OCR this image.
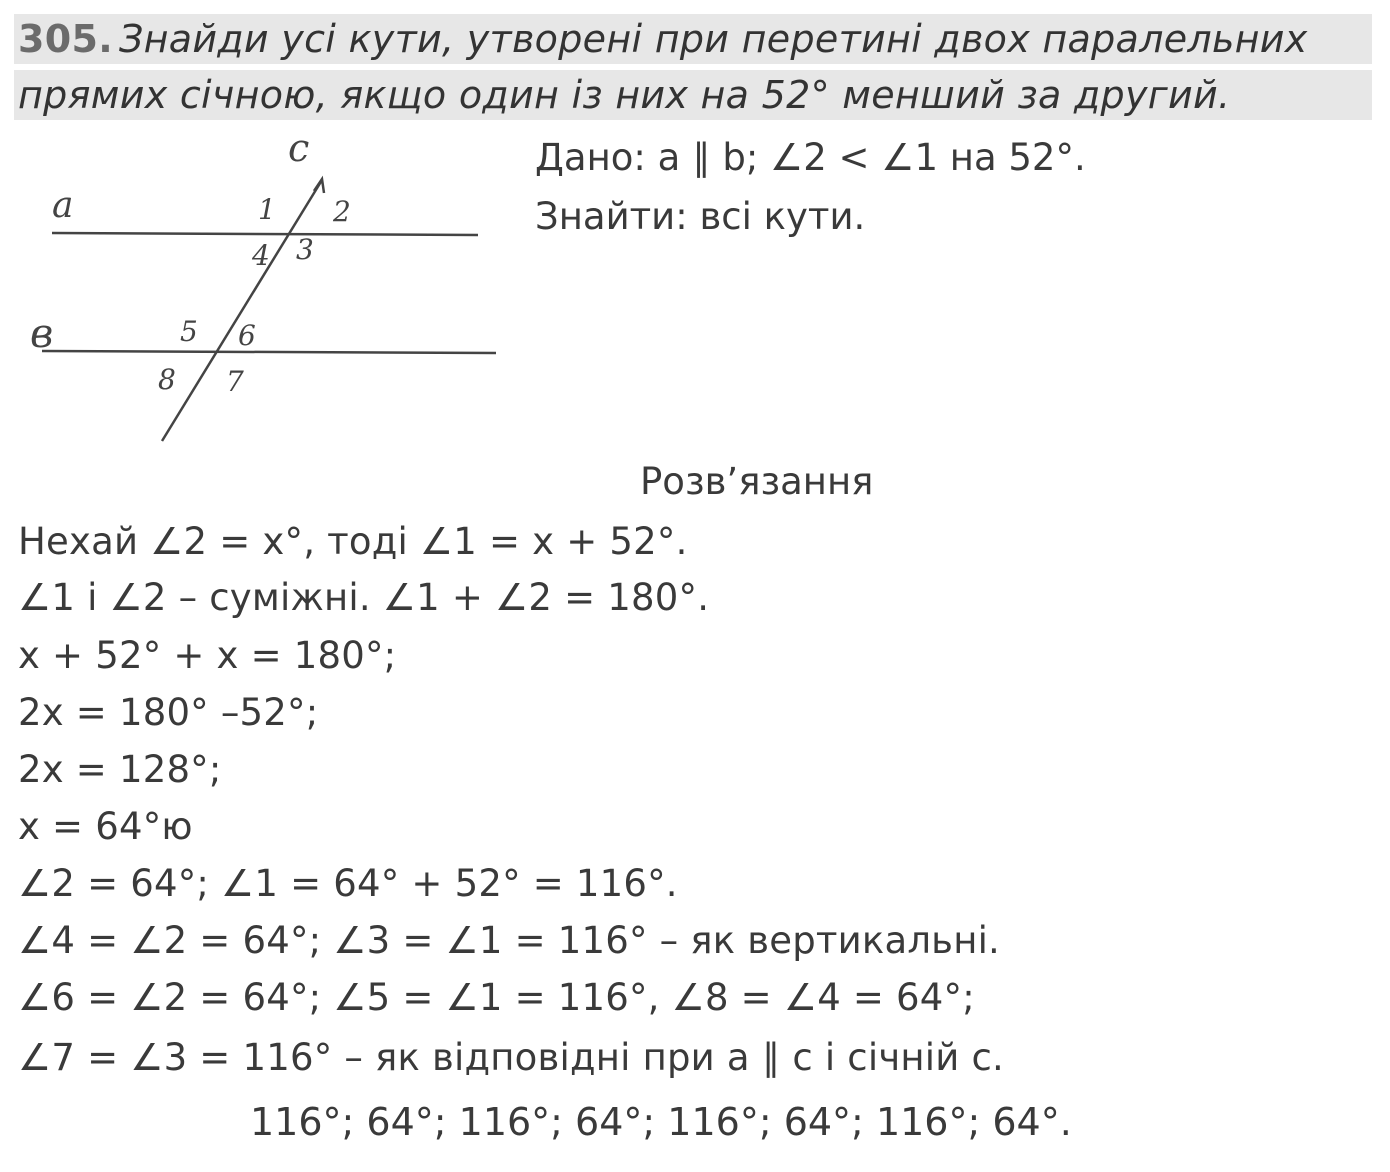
305. Знайди усі кути, утворені при перетині двох паралельних
прямих січною, якщо один із них на 52° менший за другий.
c
a
в
1 2
3
4
5 6
7
8
Дано: a ∥ b; ∠2 < ∠1 на 52°.
Знайти: всі кути.
Розв’язання
Нехай ∠2 = x°, тоді ∠1 = x + 52°.
∠1 і ∠2 – суміжні. ∠1 + ∠2 = 180°.
x + 52° + x = 180°;
2x = 180° –52°;
2x = 128°;
x = 64°ю
∠2 = 64°; ∠1 = 64° + 52° = 116°.
∠4 = ∠2 = 64°; ∠3 = ∠1 = 116° – як вертикальні.
∠6 = ∠2 = 64°; ∠5 = ∠1 = 116°, ∠8 = ∠4 = 64°;
∠7 = ∠3 = 116° – як відповідні при a ∥ c і січній c.
116°; 64°; 116°; 64°; 116°; 64°; 116°; 64°.
